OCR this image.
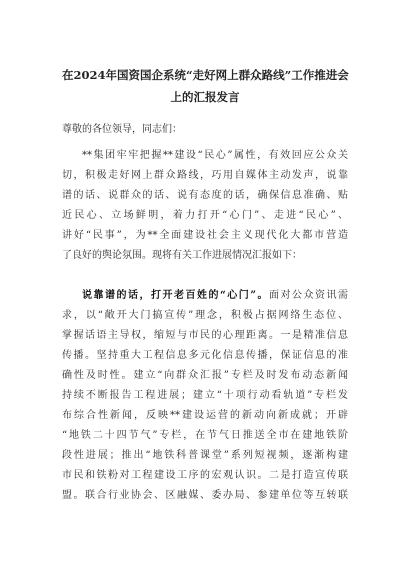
在2024年国资国企系统“走好网上群众路线”工作推进会
上的汇报发言
尊敬的各位领导，同志们：
**集团牢牢把握**建设“民心”属性，有效回应公众关
切，积极走好网上群众路线，巧用自媒体主动发声，说靠
谱的话、说群众的话、说有态度的话，确保信息准确、贴
近民心、立场鲜明，着力打开“心门”、走进“民心”、
讲好“民事”，为**全面建设社会主义现代化大都市营造
了良好的舆论氛围。现将有关工作进展情况汇报如下：
说靠谱的话，打开老百姓的“心门”。面对公众资讯需
求，以“敞开大门搞宣传”理念，积极占据网络生态位、
掌握话语主导权，缩短与市民的心理距离。一是精准信息
传播。坚持重大工程信息多元化信息传播，保证信息的准
确性及时性。建立“向群众汇报”专栏及时发布动态新闻
持续不断报告工程进展；建立“十项行动看轨道”专栏发
布综合性新闻，反映**建设运营的新动向新成就；开辟
“地铁二十四节气”专栏，在节气日推送全市在建地铁阶
段性进展；推出“地铁科普课堂”系列短视频，逐渐构建
市民和铁粉对工程建设工序的宏观认识。二是打造宣传联
盟。联合行业协会、区融媒、委办局、参建单位等互转联
